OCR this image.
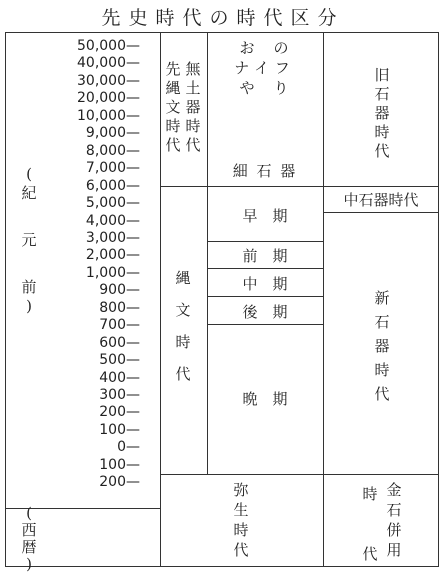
先史時代の時代区分
50,000—
40,000—
30,000—
20,000—
10,000—
9,000—
8,000—
7,000—
6,000—
5,000—
4,000—
3,000—
2,000—
1,000—
900—
800—
700—
600—
500—
400—
300—
200—
100—
0—
100—
200—
(
紀
元
前
)
(
西
暦
)
先
縄
文
時
代
無
土
器
時
代
お　の
ナイフ
や　り
細 石 器
縄
文
時
代
早　期
前　期
中　期
後　期
晩　期
弥
生
時
代
旧
石
器
時
代
中石器時代
新
石
器
時
代
時
代
金
石
併
用
